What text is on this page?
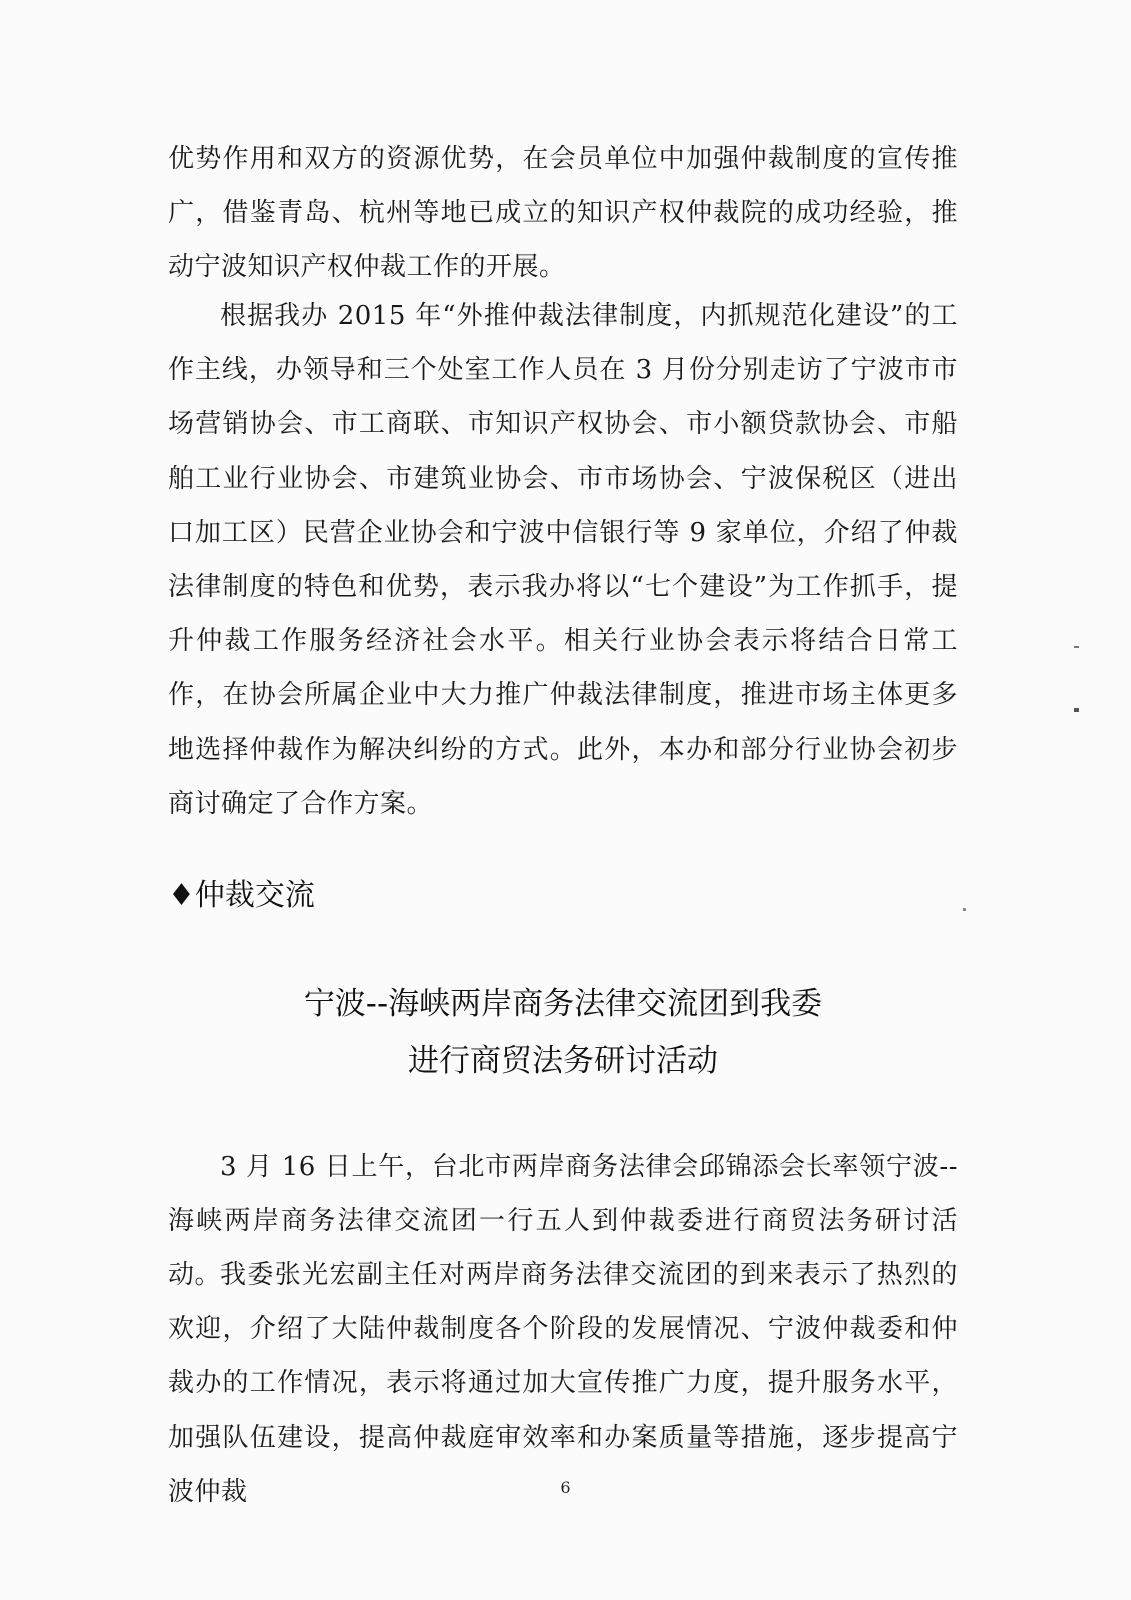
优势作用和双方的资源优势，在会员单位中加强仲裁制度的宣传推广，借鉴青岛、杭州等地已成立的知识产权仲裁院的成功经验，推动宁波知识产权仲裁工作的开展。

根据我办 2015 年“外推仲裁法律制度，内抓规范化建设”的工作主线，办领导和三个处室工作人员在 3 月份分别走访了宁波市市场营销协会、市工商联、市知识产权协会、市小额贷款协会、市船舶工业行业协会、市建筑业协会、市市场协会、宁波保税区（进出口加工区）民营企业协会和宁波中信银行等 9 家单位，介绍了仲裁法律制度的特色和优势，表示我办将以“七个建设”为工作抓手，提升仲裁工作服务经济社会水平。相关行业协会表示将结合日常工作，在协会所属企业中大力推广仲裁法律制度，推进市场主体更多地选择仲裁作为解决纠纷的方式。此外，本办和部分行业协会初步商讨确定了合作方案。

♦仲裁交流
宁波--海峡两岸商务法律交流团到我委
进行商贸法务研讨活动

3 月 16 日上午，台北市两岸商务法律会邱锦添会长率领宁波--海峡两岸商务法律交流团一行五人到仲裁委进行商贸法务研讨活动。

我委张光宏副主任对两岸商务法律交流团的到来表示了热烈的欢迎，介绍了大陆仲裁制度各个阶段的发展情况、宁波仲裁委和仲裁办的工作情况，表示将通过加大宣传推广力度，提升服务水平，加强队伍建设，提高仲裁庭审效率和办案质量等措施，逐步提高宁波仲裁	6
